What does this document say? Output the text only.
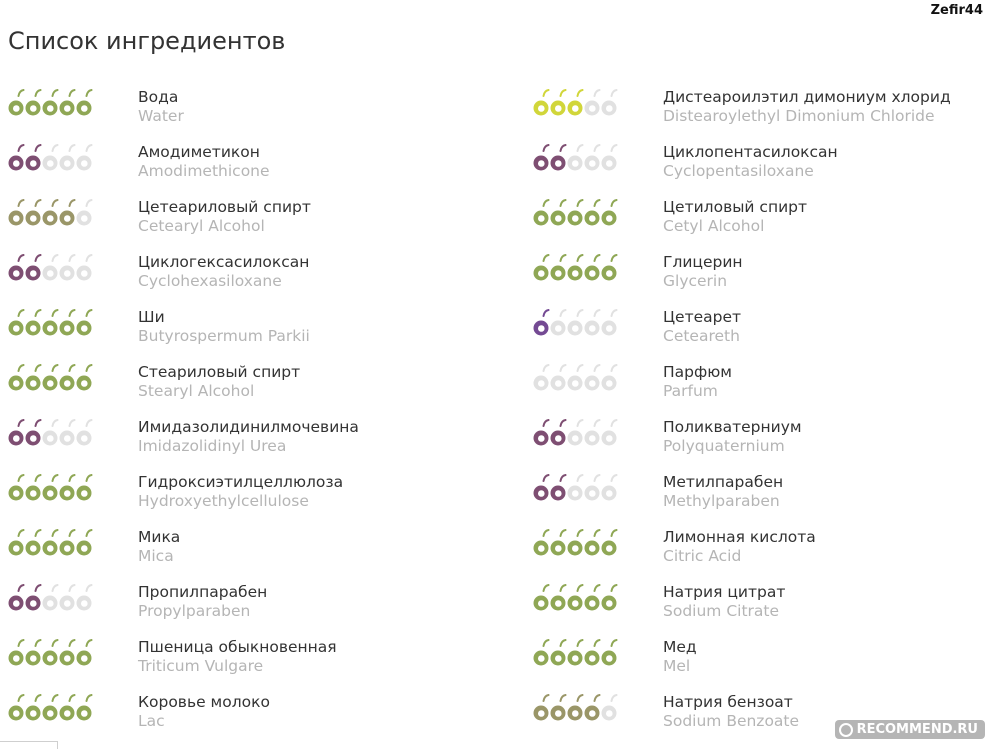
Zefir44
Список ингредиентов
Вода
Water
Амодиметикон
Amodimethicone
Цетеариловый спирт
Cetearyl Alcohol
Циклогексасилоксан
Cyclohexasiloxane
Ши
Butyrospermum Parkii
Стеариловый спирт
Stearyl Alcohol
Имидазолидинилмочевина
Imidazolidinyl Urea
Гидроксиэтилцеллюлоза
Hydroxyethylcellulose
Мика
Mica
Пропилпарабен
Propylparaben
Пшеница обыкновенная
Triticum Vulgare
Коровье молоко
Lac
Дистеароилэтил димониум хлорид
Distearoylethyl Dimonium Chloride
Циклопентасилоксан
Cyclopentasiloxane
Цетиловый спирт
Cetyl Alcohol
Глицерин
Glycerin
Цетеарет
Ceteareth
Парфюм
Parfum
Поликватерниум
Polyquaternium
Метилпарабен
Methylparaben
Лимонная кислота
Citric Acid
Натрия цитрат
Sodium Citrate
Мед
Mel
Натрия бензоат
Sodium Benzoate	RECOMMEND.RU
